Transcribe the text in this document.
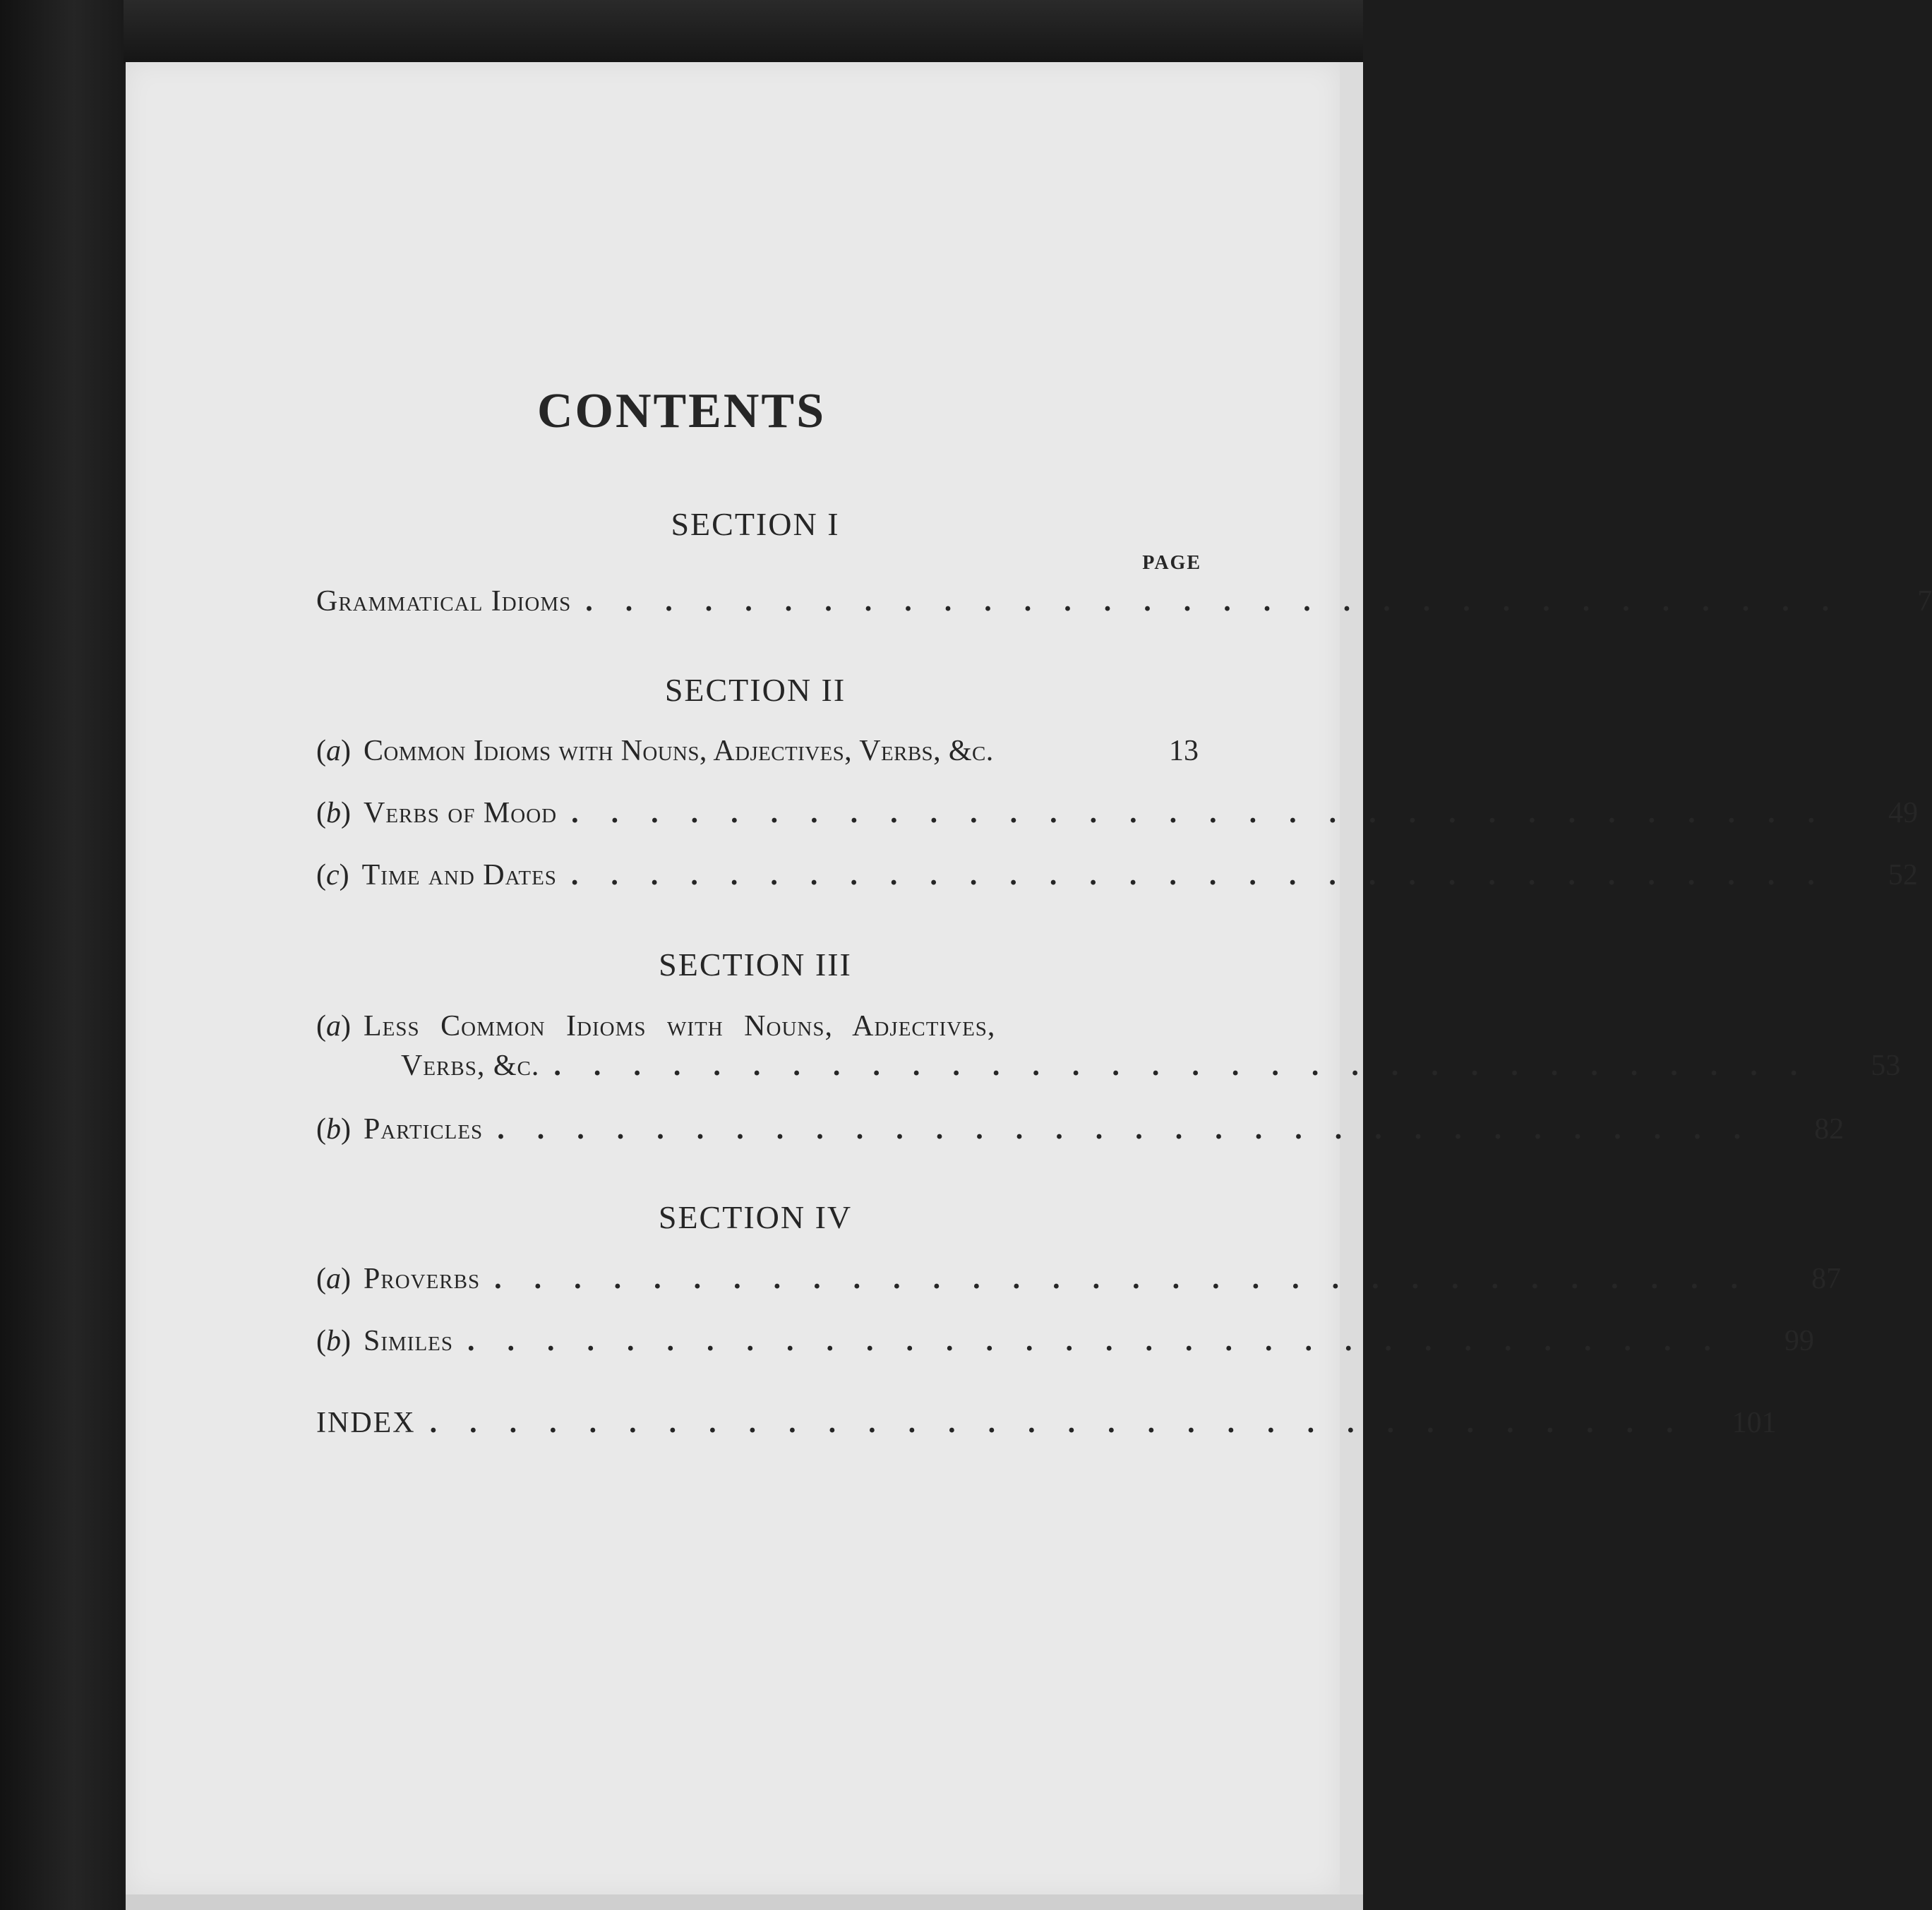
CONTENTS
SECTION I
PAGE
Grammatical Idioms ................................	7
SECTION II
(a) Common Idioms with Nouns, Adjectives, Verbs, &c.	13
(b) Verbs of Mood ................................	49
(c) Time and Dates ................................	52
SECTION III
(a) Less Common Idioms with Nouns, Adjectives,
Verbs, &c. ................................	53
(b) Particles ................................	82
SECTION IV
(a) Proverbs ................................	87
(b) Similes ................................	99
INDEX ................................ 101
